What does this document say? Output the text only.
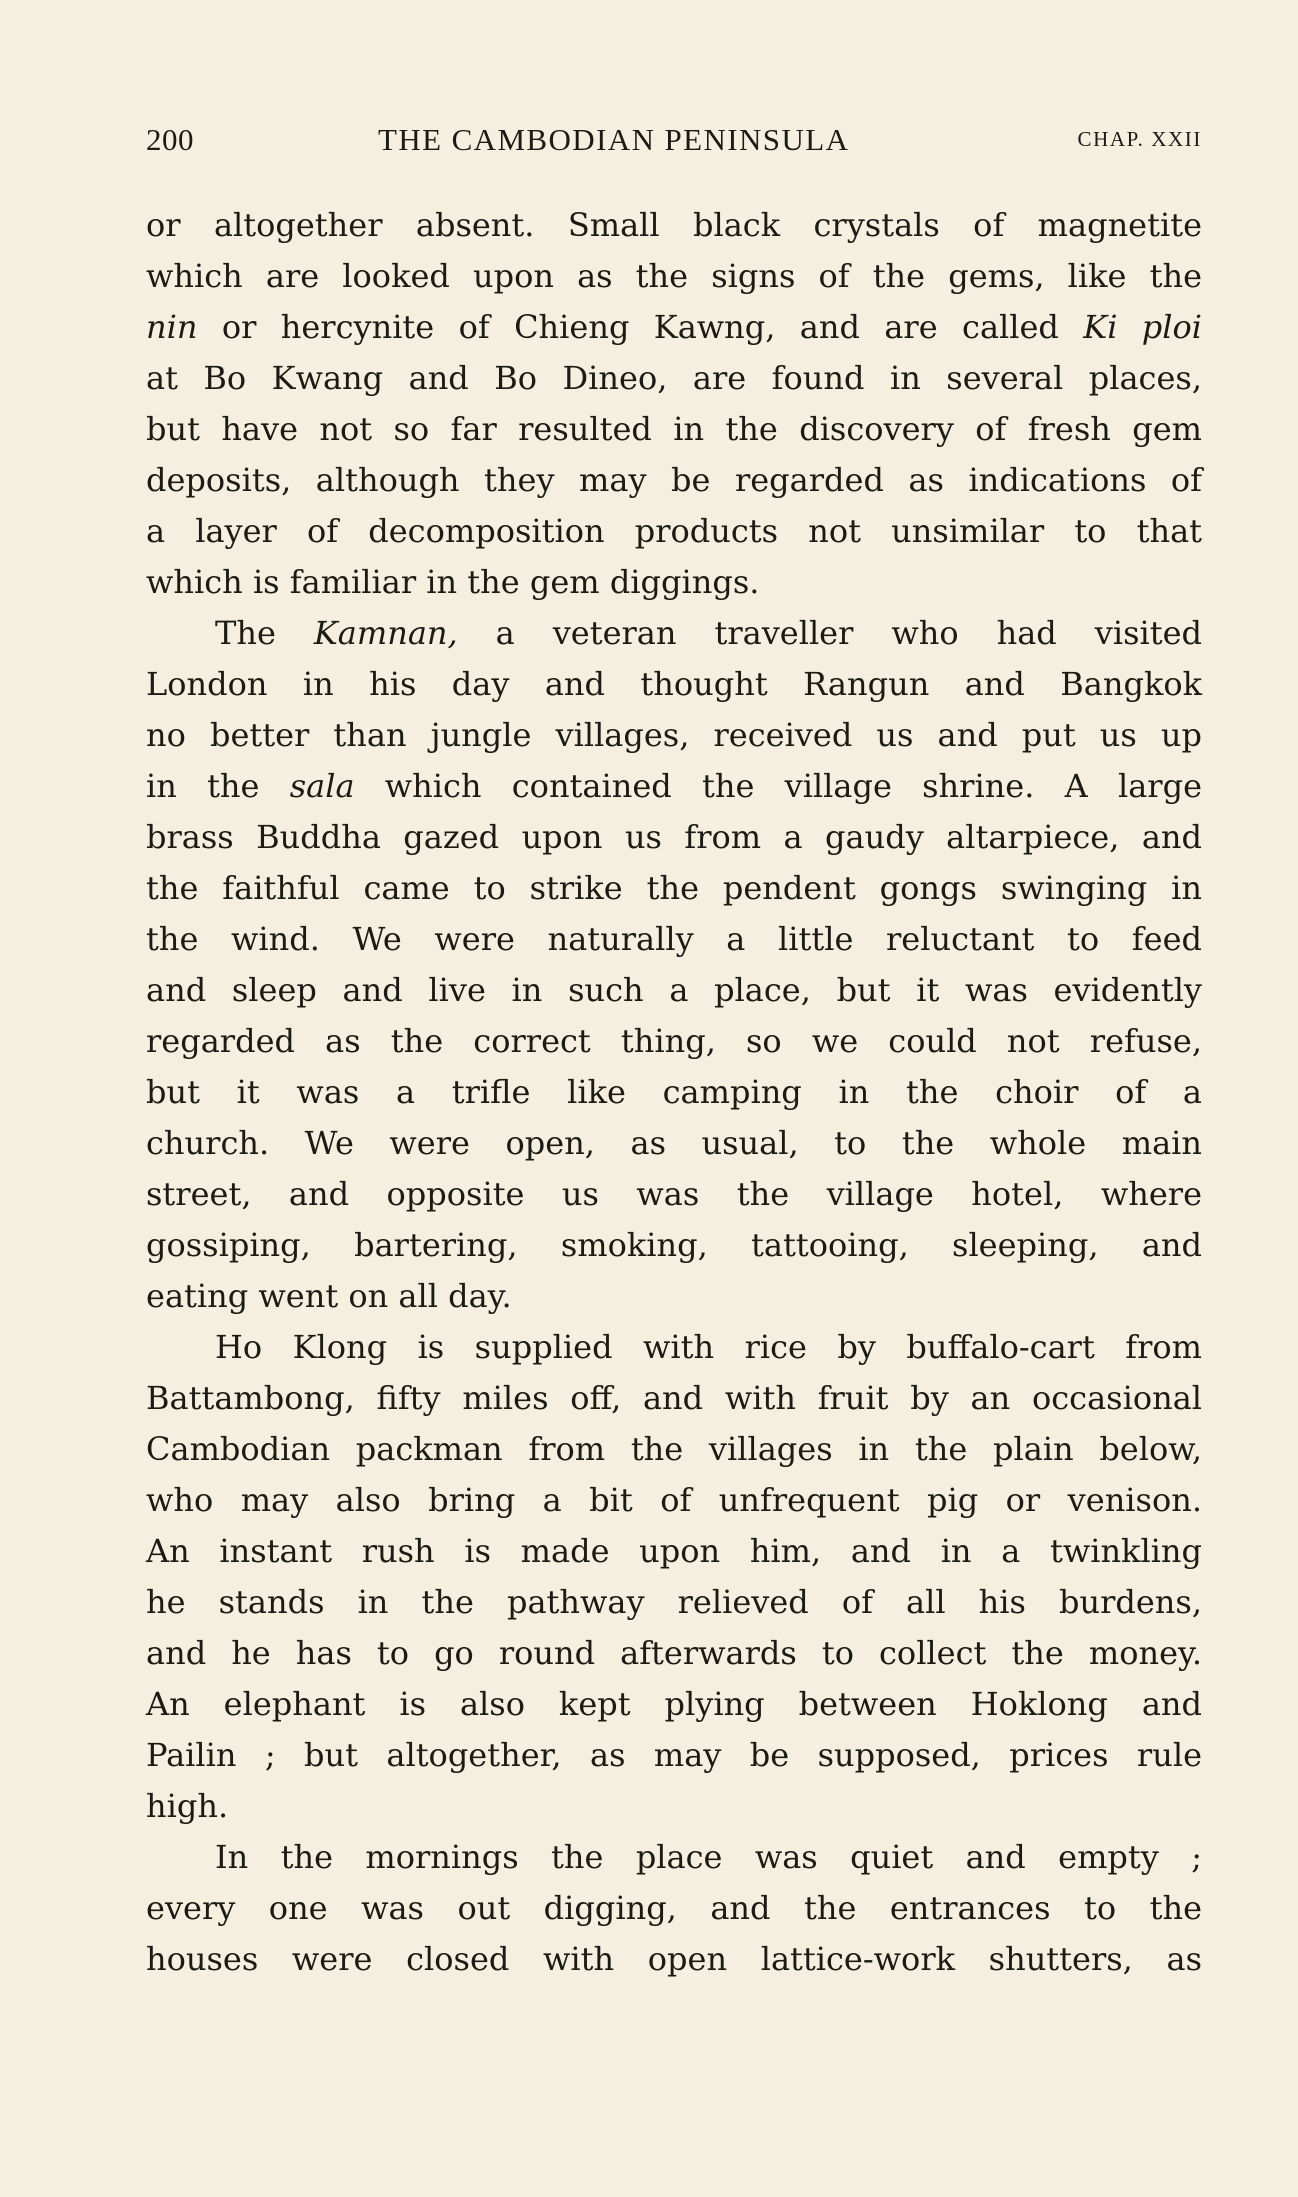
200	THE CAMBODIAN PENINSULA	CHAP. XXII
or altogether absent. Small black crystals of magnetite
which are looked upon as the signs of the gems, like the
nin or hercynite of Chieng Kawng, and are called Ki ploi
at Bo Kwang and Bo Dineo, are found in several places,
but have not so far resulted in the discovery of fresh gem
deposits, although they may be regarded as indications of
a layer of decomposition products not unsimilar to that
which is familiar in the gem diggings.
The Kamnan, a veteran traveller who had visited
London in his day and thought Rangun and Bangkok
no better than jungle villages, received us and put us up
in the sala which contained the village shrine. A large
brass Buddha gazed upon us from a gaudy altarpiece, and
the faithful came to strike the pendent gongs swinging in
the wind. We were naturally a little reluctant to feed
and sleep and live in such a place, but it was evidently
regarded as the correct thing, so we could not refuse,
but it was a trifle like camping in the choir of a
church. We were open, as usual, to the whole main
street, and opposite us was the village hotel, where
gossiping, bartering, smoking, tattooing, sleeping, and
eating went on all day.
Ho Klong is supplied with rice by buffalo-cart from
Battambong, fifty miles off, and with fruit by an occasional
Cambodian packman from the villages in the plain below,
who may also bring a bit of unfrequent pig or venison.
An instant rush is made upon him, and in a twinkling
he stands in the pathway relieved of all his burdens,
and he has to go round afterwards to collect the money.
An elephant is also kept plying between Hoklong and
Pailin ; but altogether, as may be supposed, prices rule
high.
In the mornings the place was quiet and empty ;
every one was out digging, and the entrances to the
houses were closed with open lattice-work shutters, as
